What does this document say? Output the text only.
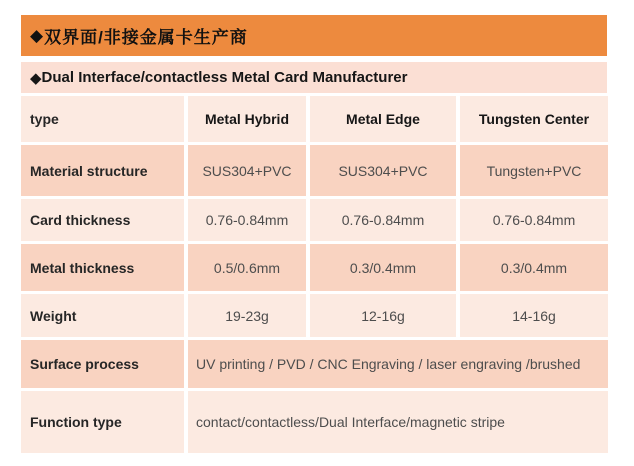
◆ 双界面/非接金属卡生产商
◆ Dual Interface/contactless Metal Card Manufacturer
type	Metal Hybrid	Metal Edge	Tungsten Center
Material structure	SUS304+PVC	SUS304+PVC	Tungsten+PVC
Card thickness	0.76-0.84mm	0.76-0.84mm	0.76-0.84mm
Metal thickness	0.5/0.6mm	0.3/0.4mm	0.3/0.4mm
Weight	19-23g	12-16g	14-16g
Surface process	UV printing / PVD / CNC Engraving / laser engraving /brushed
Function type	contact/contactless/Dual Interface/magnetic stripe
